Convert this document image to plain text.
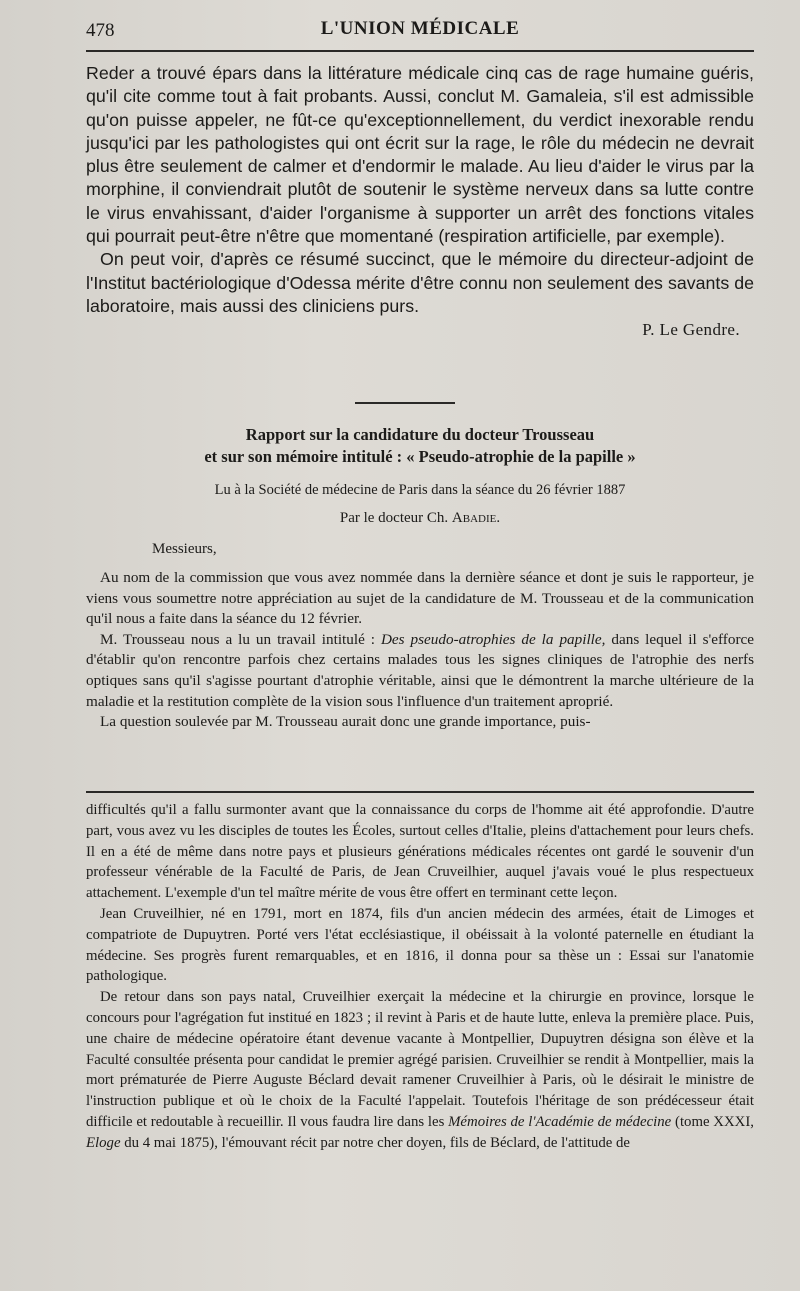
478	L'UNION MÉDICALE

Reder a trouvé épars dans la littérature médicale cinq cas de rage humaine guéris, qu'il cite comme tout à fait probants. Aussi, conclut M. Gamaleia, s'il est admissible qu'on puisse appeler, ne fût-ce qu'exceptionnellement, du verdict inexorable rendu jusqu'ici par les pathologistes qui ont écrit sur la rage, le rôle du médecin ne devrait plus être seulement de calmer et d'endormir le malade. Au lieu d'aider le virus par la morphine, il conviendrait plutôt de soutenir le système nerveux dans sa lutte contre le virus envahissant, d'aider l'organisme à supporter un arrêt des fonctions vitales qui pourrait peut-être n'être que momentané (respiration artificielle, par exemple).

On peut voir, d'après ce résumé succinct, que le mémoire du directeur-adjoint de l'Institut bactériologique d'Odessa mérite d'être connu non seulement des savants de laboratoire, mais aussi des cliniciens purs.

P. Le Gendre.
Rapport sur la candidature du docteur Trousseau
et sur son mémoire intitulé : « Pseudo-atrophie de la papille »
Lu à la Société de médecine de Paris dans la séance du 26 février 1887
Par le docteur Ch. Abadie.
Messieurs,

Au nom de la commission que vous avez nommée dans la dernière séance et dont je suis le rapporteur, je viens vous soumettre notre appréciation au sujet de la candidature de M. Trousseau et de la communication qu'il nous a faite dans la séance du 12 février.

M. Trousseau nous a lu un travail intitulé : Des pseudo-atrophies de la papille, dans lequel il s'efforce d'établir qu'on rencontre parfois chez certains malades tous les signes cliniques de l'atrophie des nerfs optiques sans qu'il s'agisse pourtant d'atrophie véritable, ainsi que le démontrent la marche ultérieure de la maladie et la restitution complète de la vision sous l'influence d'un traitement aproprié.

La question soulevée par M. Trousseau aurait donc une grande importance, puis-

difficultés qu'il a fallu surmonter avant que la connaissance du corps de l'homme ait été approfondie. D'autre part, vous avez vu les disciples de toutes les Écoles, surtout celles d'Italie, pleins d'attachement pour leurs chefs. Il en a été de même dans notre pays et plusieurs générations médicales récentes ont gardé le souvenir d'un professeur vénérable de la Faculté de Paris, de Jean Cruveilhier, auquel j'avais voué le plus respectueux attachement. L'exemple d'un tel maître mérite de vous être offert en terminant cette leçon.

Jean Cruveilhier, né en 1791, mort en 1874, fils d'un ancien médecin des armées, était de Limoges et compatriote de Dupuytren. Porté vers l'état ecclésiastique, il obéissait à la volonté paternelle en étudiant la médecine. Ses progrès furent remarquables, et en 1816, il donna pour sa thèse un : Essai sur l'anatomie pathologique.

De retour dans son pays natal, Cruveilhier exerçait la médecine et la chirurgie en province, lorsque le concours pour l'agrégation fut institué en 1823 ; il revint à Paris et de haute lutte, enleva la première place. Puis, une chaire de médecine opératoire étant devenue vacante à Montpellier, Dupuytren désigna son élève et la Faculté consultée présenta pour candidat le premier agrégé parisien. Cruveilhier se rendit à Montpellier, mais la mort prématurée de Pierre Auguste Béclard devait ramener Cruveilhier à Paris, où le désirait le ministre de l'instruction publique et où le choix de la Faculté l'appelait. Toutefois l'héritage de son prédécesseur était difficile et redoutable à recueillir. Il vous faudra lire dans les Mémoires de l'Académie de médecine (tome XXXI, Eloge du 4 mai 1875), l'émouvant récit par notre cher doyen, fils de Béclard, de l'attitude de
